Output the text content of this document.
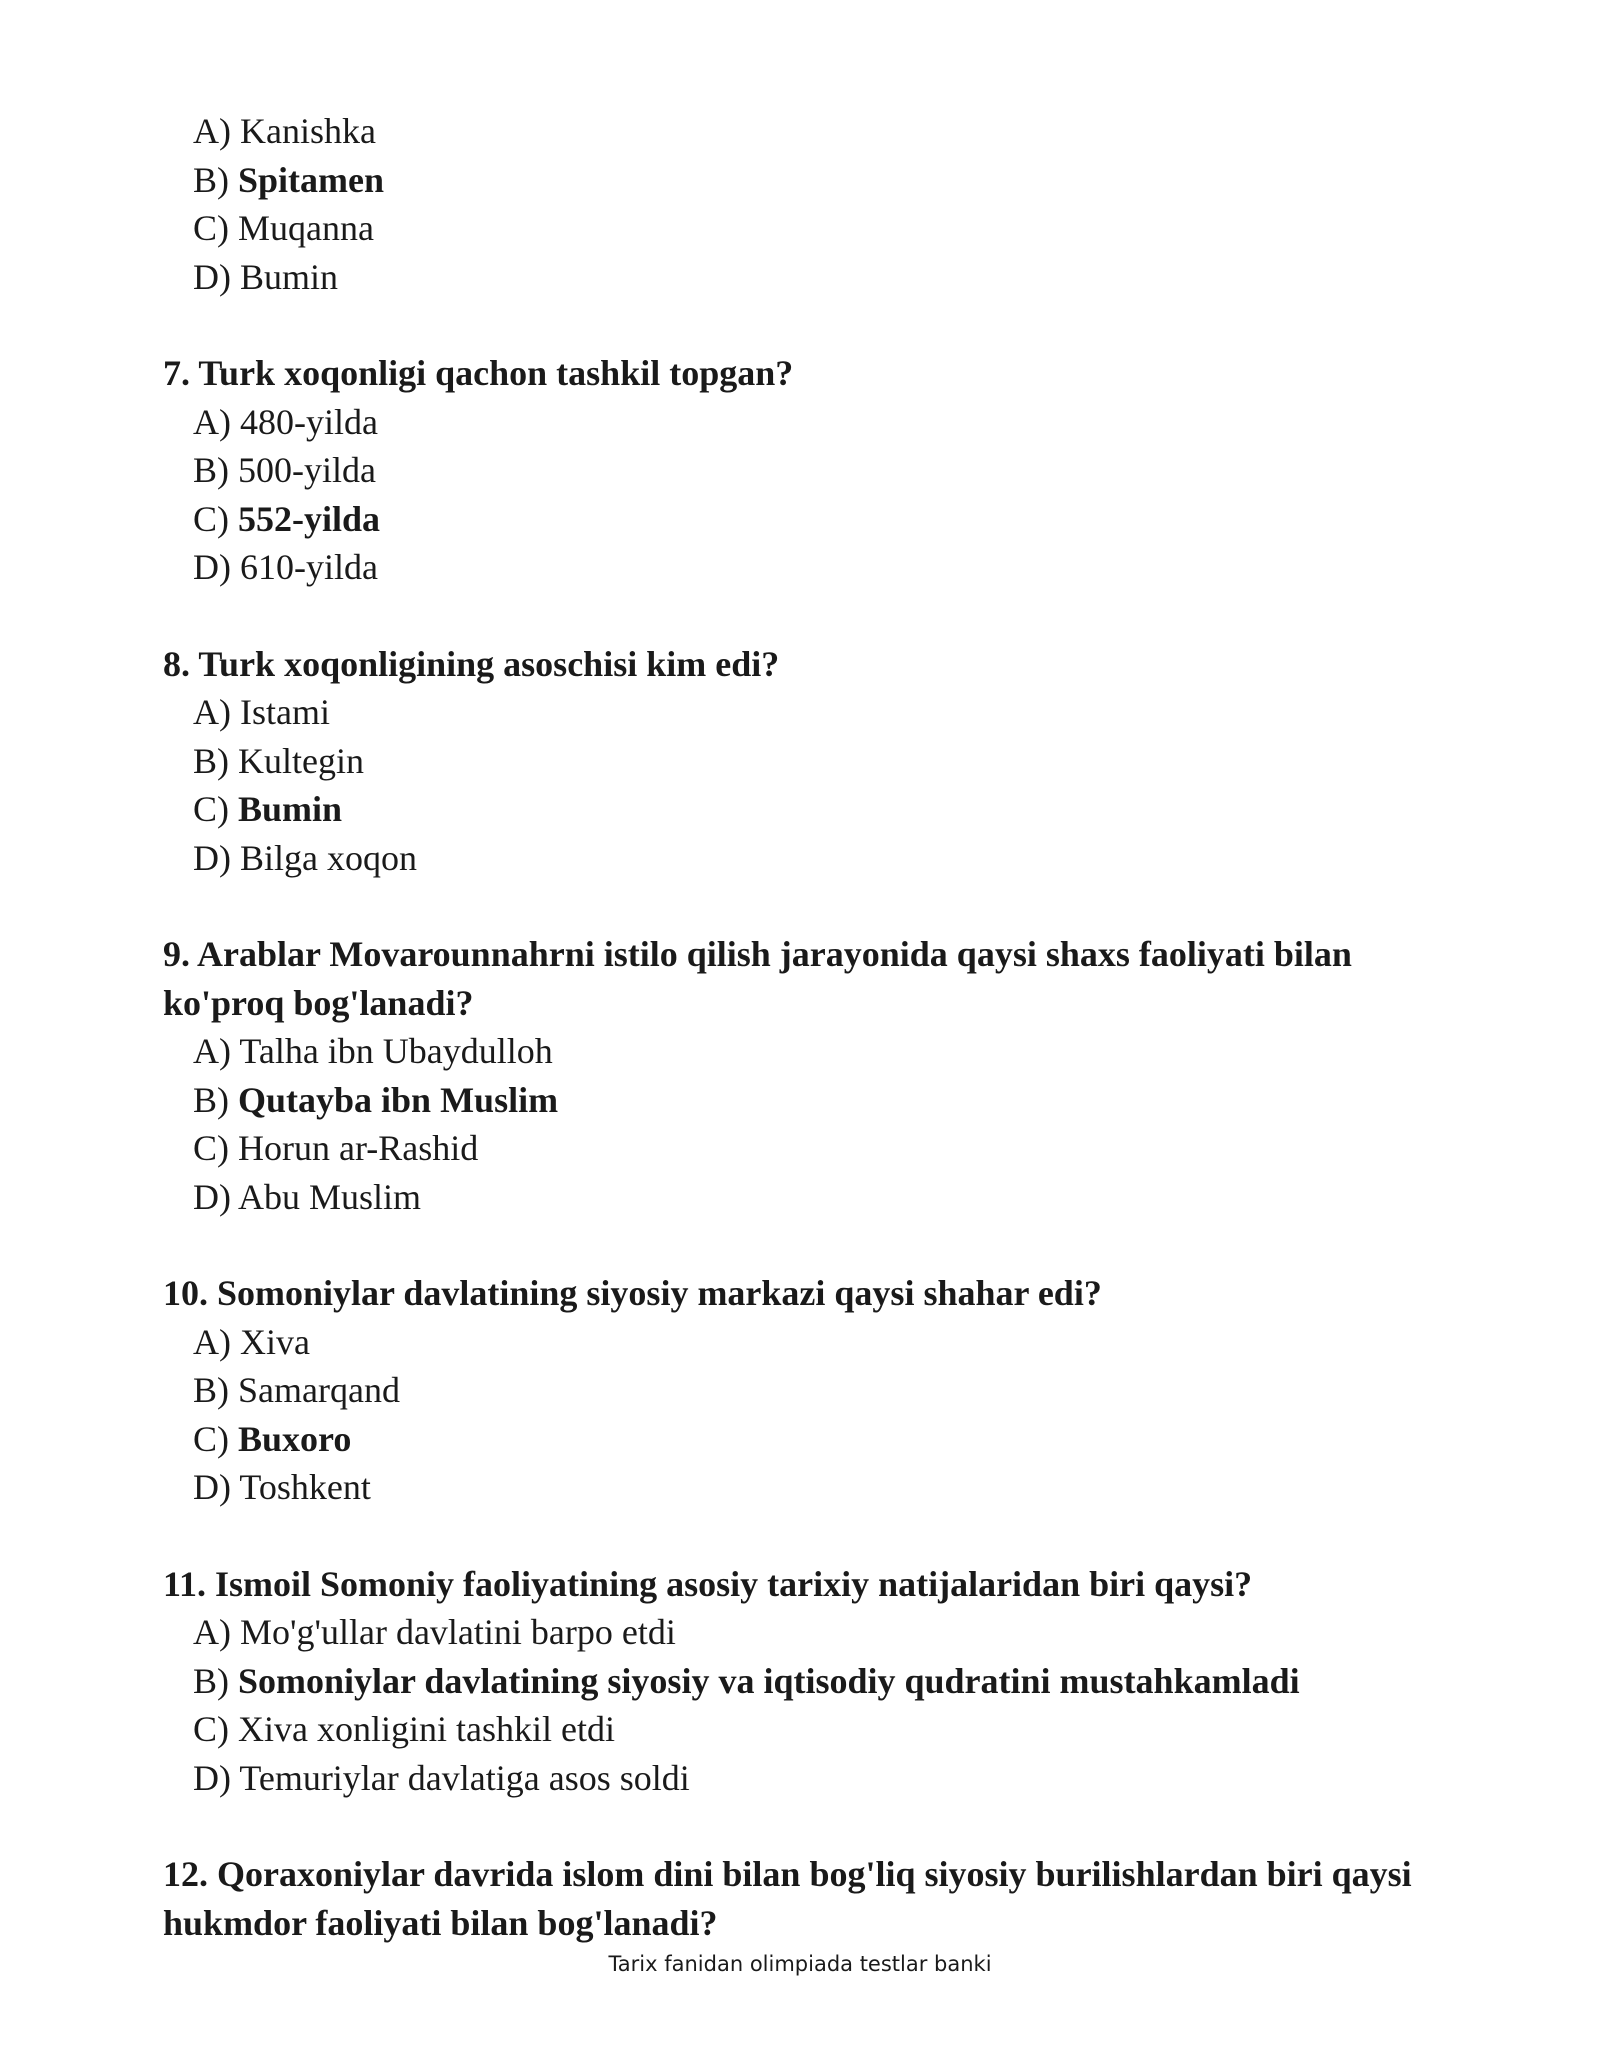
A) Kanishka

B) Spitamen

C) Muqanna

D) Bumin

7. Turk xoqonligi qachon tashkil topgan?

A) 480-yilda

B) 500-yilda

C) 552-yilda

D) 610-yilda

8. Turk xoqonligining asoschisi kim edi?

A) Istami

B) Kultegin

C) Bumin

D) Bilga xoqon

9. Arablar Movarounnahrni istilo qilish jarayonida qaysi shaxs faoliyati bilan ko'proq bog'lanadi?

A) Talha ibn Ubaydulloh

B) Qutayba ibn Muslim

C) Horun ar-Rashid

D) Abu Muslim

10. Somoniylar davlatining siyosiy markazi qaysi shahar edi?

A) Xiva

B) Samarqand

C) Buxoro

D) Toshkent

11. Ismoil Somoniy faoliyatining asosiy tarixiy natijalaridan biri qaysi?

A) Mo'g'ullar davlatini barpo etdi

B) Somoniylar davlatining siyosiy va iqtisodiy qudratini mustahkamladi

C) Xiva xonligini tashkil etdi

D) Temuriylar davlatiga asos soldi

12. Qoraxoniylar davrida islom dini bilan bog'liq siyosiy burilishlardan biri qaysi hukmdor faoliyati bilan bog'lanadi?

Tarix fanidan olimpiada testlar banki
